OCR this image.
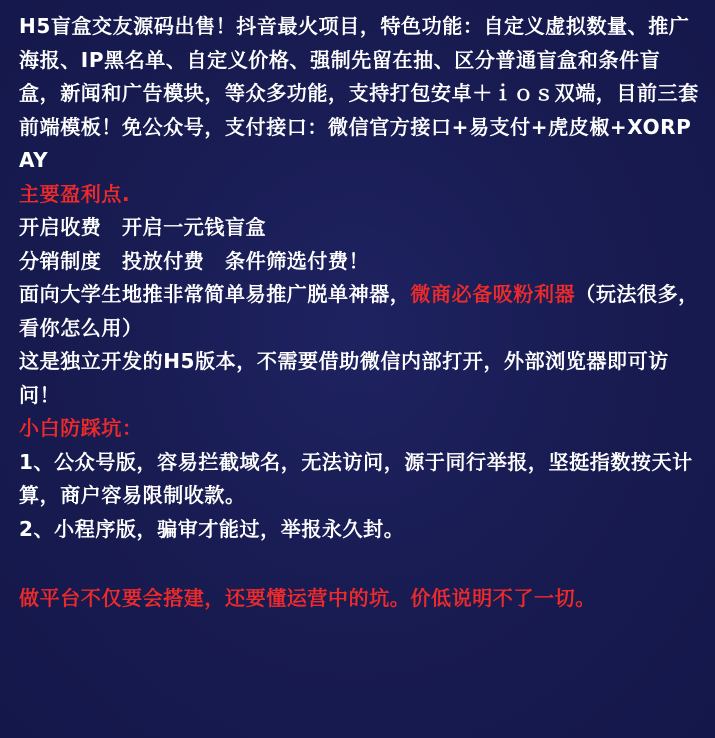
H5盲盒交友源码出售！抖音最火项目，特色功能：自定义虚拟数量、推广海报、IP黑名单、自定义价格、强制先留在抽、区分普通盲盒和条件盲盒，新闻和广告模块，等众多功能，支持打包安卓＋ｉｏｓ双端，目前三套前端模板！免公众号，支付接口：微信官方接口+易支付+虎皮椒+XORPAY

主要盈利点.

开启收费　开启一元钱盲盒

分销制度　投放付费　条件筛选付费！

面向大学生地推非常简单易推广脱单神器，微商必备吸粉利器（玩法很多，看你怎么用）

这是独立开发的H5版本，不需要借助微信内部打开，外部浏览器即可访问！

小白防踩坑：

1、公众号版，容易拦截域名，无法访问，源于同行举报，坚挺指数按天计算，商户容易限制收款。

2、小程序版，骗审才能过，举报永久封。

做平台不仅要会搭建，还要懂运营中的坑。价低说明不了一切。
